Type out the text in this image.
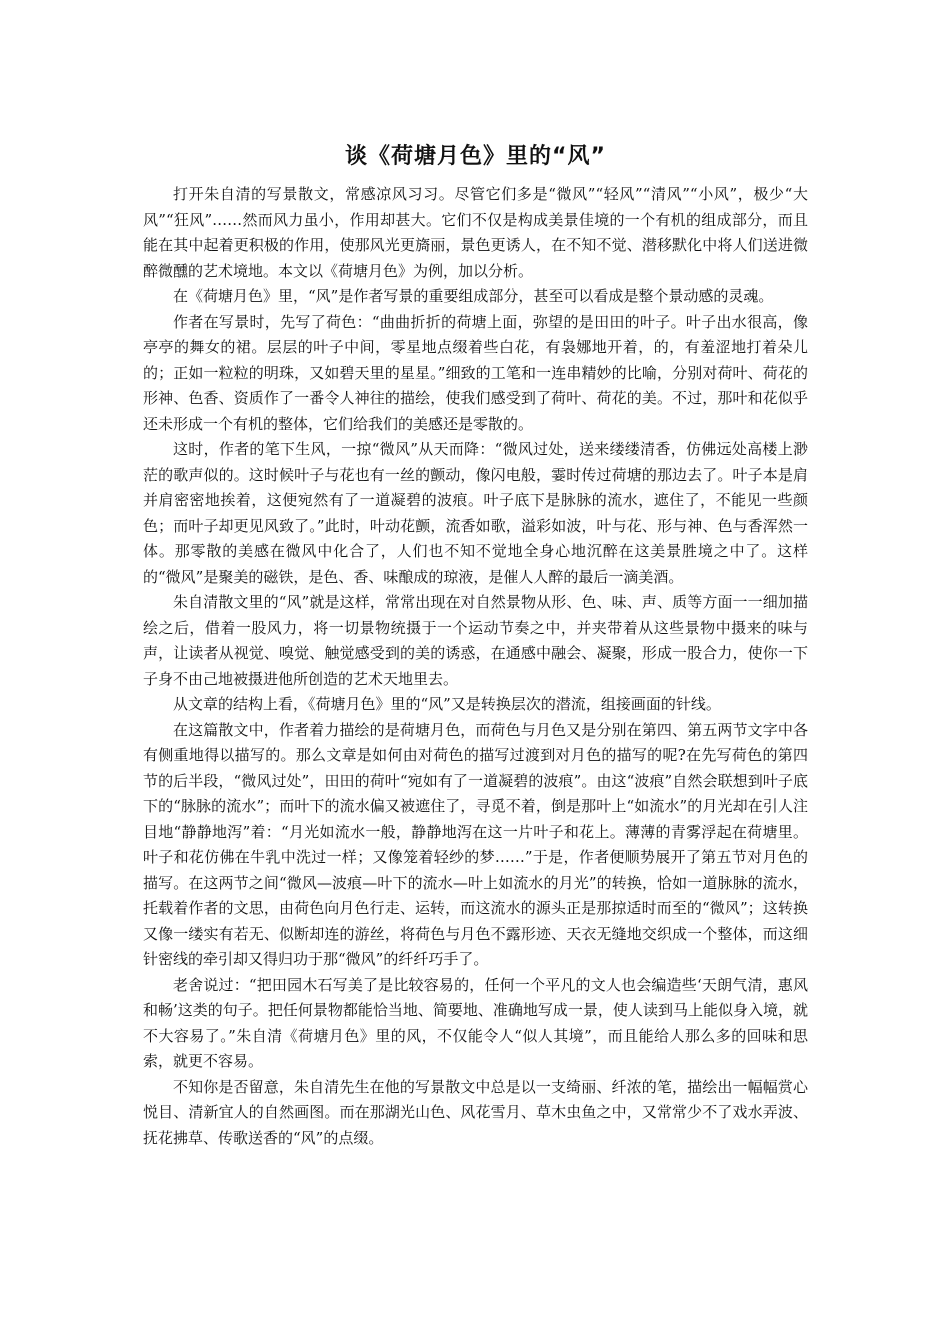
谈《荷塘月色》里的“风”

打开朱自清的写景散文，常感凉风习习。尽管它们多是“微风”“轻风”“清风”“小风”，极少“大风”“狂风”……然而风力虽小，作用却甚大。它们不仅是构成美景佳境的一个有机的组成部分，而且能在其中起着更积极的作用，使那风光更旖丽，景色更诱人，在不知不觉、潜移默化中将人们送进微醉微醺的艺术境地。本文以《荷塘月色》为例，加以分析。

在《荷塘月色》里，“风”是作者写景的重要组成部分，甚至可以看成是整个景动感的灵魂。

作者在写景时，先写了荷色：“曲曲折折的荷塘上面，弥望的是田田的叶子。叶子出水很高，像亭亭的舞女的裙。层层的叶子中间，零星地点缀着些白花，有袅娜地开着，的，有羞涩地打着朵儿的；正如一粒粒的明珠，又如碧天里的星星。”细致的工笔和一连串精妙的比喻，分别对荷叶、荷花的形神、色香、资质作了一番令人神往的描绘，使我们感受到了荷叶、荷花的美。不过，那叶和花似乎还未形成一个有机的整体，它们给我们的美感还是零散的。

这时，作者的笔下生风，一掠“微风”从天而降：“微风过处，送来缕缕清香，仿佛远处高楼上渺茫的歌声似的。这时候叶子与花也有一丝的颤动，像闪电般，霎时传过荷塘的那边去了。叶子本是肩并肩密密地挨着，这便宛然有了一道凝碧的波痕。叶子底下是脉脉的流水，遮住了，不能见一些颜色；而叶子却更见风致了。”此时，叶动花颤，流香如歌，溢彩如波，叶与花、形与神、色与香浑然一体。那零散的美感在微风中化合了，人们也不知不觉地全身心地沉醉在这美景胜境之中了。这样的“微风”是聚美的磁铁，是色、香、味酿成的琼液，是催人人醉的最后一滴美酒。

朱自清散文里的“风”就是这样，常常出现在对自然景物从形、色、味、声、质等方面一一细加描绘之后，借着一股风力，将一切景物统摄于一个运动节奏之中，并夹带着从这些景物中摄来的味与声，让读者从视觉、嗅觉、触觉感受到的美的诱惑，在通感中融会、凝聚，形成一股合力，使你一下子身不由己地被摄进他所创造的艺术天地里去。

从文章的结构上看，《荷塘月色》里的“风”又是转换层次的潜流，组接画面的针线。

在这篇散文中，作者着力描绘的是荷塘月色，而荷色与月色又是分别在第四、第五两节文字中各有侧重地得以描写的。那么文章是如何由对荷色的描写过渡到对月色的描写的呢?在先写荷色的第四节的后半段，“微风过处”，田田的荷叶“宛如有了一道凝碧的波痕”。由这“波痕”自然会联想到叶子底下的“脉脉的流水”；而叶下的流水偏又被遮住了，寻觅不着，倒是那叶上“如流水”的月光却在引人注目地“静静地泻”着：“月光如流水一般，静静地泻在这一片叶子和花上。薄薄的青雾浮起在荷塘里。叶子和花仿佛在牛乳中洗过一样；又像笼着轻纱的梦……”于是，作者便顺势展开了第五节对月色的描写。在这两节之间“微风—波痕—叶下的流水—叶上如流水的月光”的转换，恰如一道脉脉的流水，托载着作者的文思，由荷色向月色行走、运转，而这流水的源头正是那掠适时而至的“微风”；这转换又像一缕实有若无、似断却连的游丝，将荷色与月色不露形迹、天衣无缝地交织成一个整体，而这细针密线的牵引却又得归功于那“微风”的纤纤巧手了。

老舍说过：“把田园木石写美了是比较容易的，任何一个平凡的文人也会编造些‘天朗气清，惠风和畅’这类的句子。把任何景物都能恰当地、简要地、准确地写成一景，使人读到马上能似身入境，就不大容易了。”朱自清《荷塘月色》里的风，不仅能令人“似人其境”，而且能给人那么多的回味和思索，就更不容易。

不知你是否留意，朱自清先生在他的写景散文中总是以一支绮丽、纤浓的笔，描绘出一幅幅赏心悦目、清新宜人的自然画图。而在那湖光山色、风花雪月、草木虫鱼之中，又常常少不了戏水弄波、抚花拂草、传歌送香的“风”的点缀。
